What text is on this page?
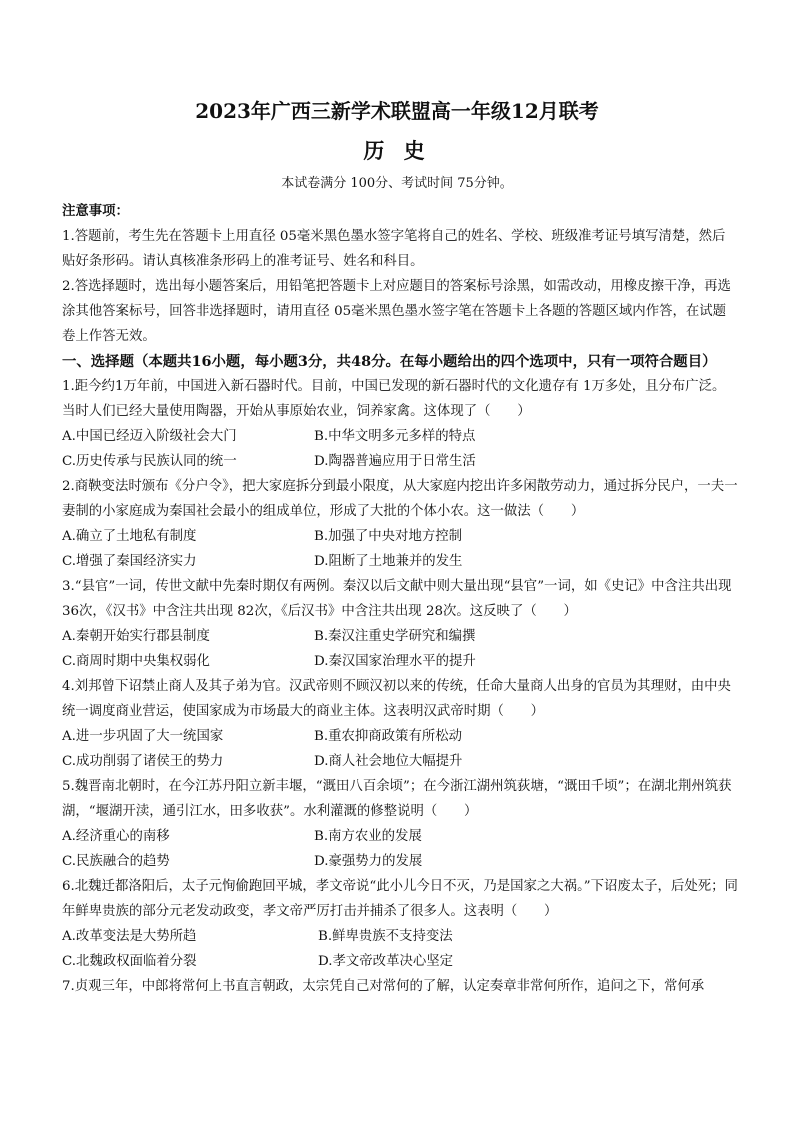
2023年广西三新学术联盟高一年级12月联考
历 史
本试卷满分 100分、考试时间 75分钟。

注意事项：

1.答题前，考生先在答题卡上用直径 05毫米黑色墨水签字笔将自己的姓名、学校、班级准考证号填写清楚，然后贴好条形码。请认真核准条形码上的准考证号、姓名和科目。

2.答选择题时，选出每小题答案后，用铅笔把答题卡上对应题目的答案标号涂黑，如需改动，用橡皮擦干净，再选涂其他答案标号，回答非选择题时，请用直径 05毫米黑色墨水签字笔在答题卡上各题的答题区域内作答，在试题卷上作答无效。

一、选择题（本题共16小题，每小题3分，共48分。在每小题给出的四个选项中，只有一项符合题目）

1.距今约1万年前，中国进入新石器时代。目前，中国已发现的新石器时代的文化遗存有 1万多处，且分布广泛。当时人们已经大量使用陶器，开始从事原始农业，饲养家禽。这体现了（　　）

A.中国已经迈入阶级社会大门	B.中华文明多元多样的特点
C.历史传承与民族认同的统一	D.陶器普遍应用于日常生活

2.商鞅变法时颁布《分户令》，把大家庭拆分到最小限度，从大家庭内挖出许多闲散劳动力，通过拆分民户，一夫一妻制的小家庭成为秦国社会最小的组成单位，形成了大批的个体小农。这一做法（　　）

A.确立了土地私有制度	B.加强了中央对地方控制
C.增强了秦国经济实力	D.阻断了土地兼并的发生

3.“县官”一词，传世文献中先秦时期仅有两例。秦汉以后文献中则大量出现“县官”一词，如《史记》中含注共出现 36次，《汉书》中含注共出现 82次，《后汉书》中含注共出现 28次。这反映了（　　）

A.秦朝开始实行郡县制度	B.秦汉注重史学研究和编撰
C.商周时期中央集权弱化	D.秦汉国家治理水平的提升

4.刘邦曾下诏禁止商人及其子弟为官。汉武帝则不顾汉初以来的传统，任命大量商人出身的官员为其理财，由中央统一调度商业营运，使国家成为市场最大的商业主体。这表明汉武帝时期（　　）

A.进一步巩固了大一统国家	B.重农抑商政策有所松动
C.成功削弱了诸侯王的势力	D.商人社会地位大幅提升

5.魏晋南北朝时，在今江苏丹阳立新丰堰，“溉田八百余顷”；在今浙江湖州筑荻塘，“溉田千顷”；在湖北荆州筑获湖，“堰湖开渎，通引江水，田多收获”。水利灌溉的修整说明（　　）

A.经济重心的南移	B.南方农业的发展
C.民族融合的趋势	D.豪强势力的发展

6.北魏迁都洛阳后，太子元恂偷跑回平城，孝文帝说“此小儿今日不灭，乃是国家之大祸。”下诏废太子，后处死；同年鲜卑贵族的部分元老发动政变，孝文帝严厉打击并捕杀了很多人。这表明（　　）

A.改革变法是大势所趋	B.鲜卑贵族不支持变法
C.北魏政权面临着分裂	D.孝文帝改革决心坚定

7.贞观三年，中郎将常何上书直言朝政，太宗凭自己对常何的了解，认定奏章非常何所作，追问之下，常何承
